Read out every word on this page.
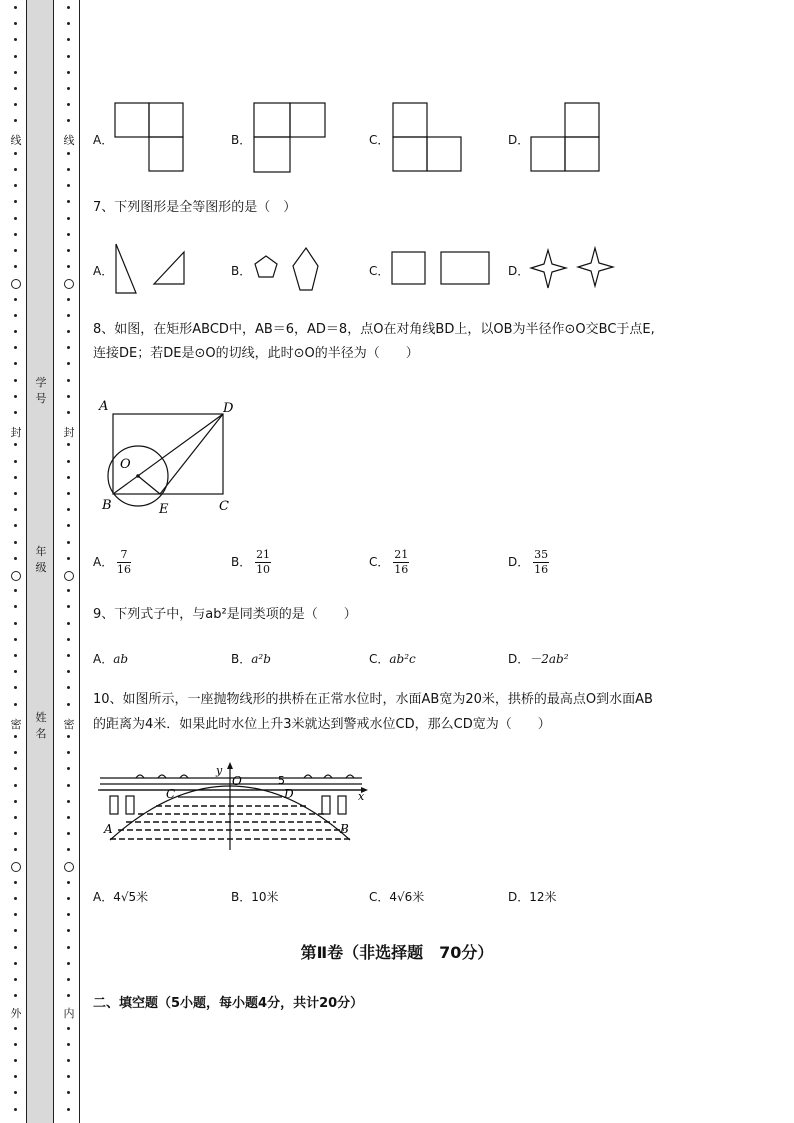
线
封
密
外
线
封
密
内
学号
年级
姓名
A．	B．	C．	D．
7、下列图形是全等图形的是（　）
A．	B．	C．	D．
8、如图，在矩形ABCD中，AB＝6，AD＝8，点O在对角线BD上，以OB为半径作⊙O交BC于点E,
连接DE；若DE是⊙O的切线，此时⊙O的半径为（　　）
A	D
O
B	E	C
A． $\frac{7}{16}$	B． $\frac{21}{10}$	C． $\frac{21}{16}$	D． $\frac{35}{16}$
9、下列式子中，与ab²是同类项的是（　　）
A．ab	B．a²b	C．ab²c	D．－2ab²
10、如图所示，一座抛物线形的拱桥在正常水位时，水面AB宽为20米，拱桥的最高点O到水面AB
的距离为4米．如果此时水位上升3米就达到警戒水位CD，那么CD宽为（　　）
y
O	5
x
C	D
A	B
A．4√5米	B．10米	C．4√6米	D．12米
第Ⅱ卷（非选择题　70分）
二、填空题（5小题，每小题4分，共计20分）
